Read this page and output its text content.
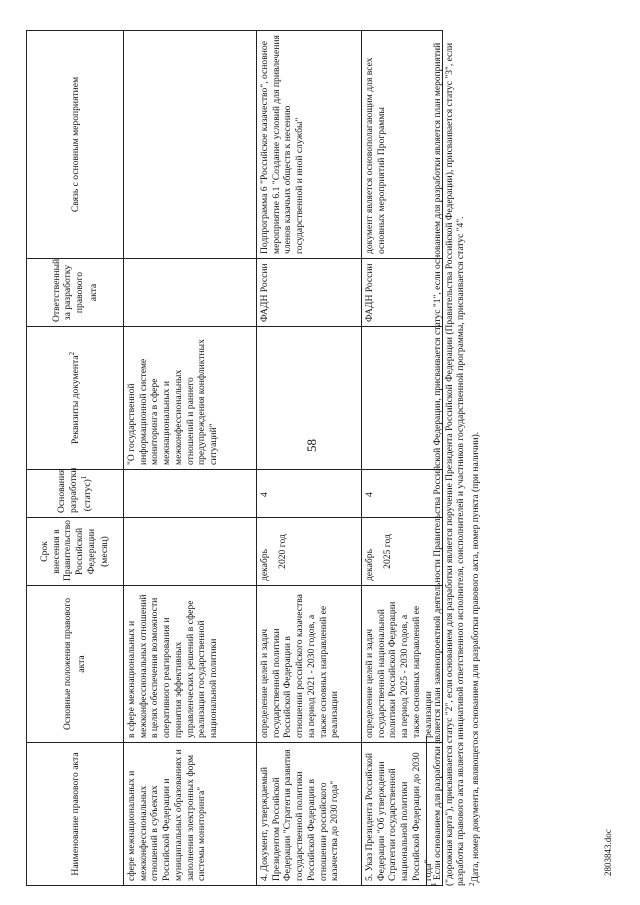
58
2803843.doc
Наименование правового акта	Основные положения правового акта	Срок внесения в Правительство Российской Федерации (месяц)	Основания разработки (статус)$^1$	Реквизиты документа$^2$	Ответственный за разработку правового акта	Связь с основным мероприятием

сфере межнациональных и межконфессиональных отношений в субъектах Российской Федерации и муниципальных образованиях и заполнения электронных форм системы мониторинга"	в сфере межнациональных и межконфессиональных отношений в целях обеспечения возможности оперативного реагирования и принятия эффективных управленческих решений в сфере реализации государственной национальной политики			"О государственной информационной системе мониторинга в сфере межнациональных и межконфессиональных отношений и раннего предупреждения конфликтных ситуаций"		

4. Документ, утверждаемый Президентом Российской Федерации "Стратегия развития государственной политики Российской Федерации в отношении российского казачества до 2030 года"	определение целей и задач государственной политики Российской Федерации в отношении российского казачества на период 2021 - 2030 годов, а также основных направлений ее реализации	декабрь 2020 год	4		ФАДН России	Подпрограмма 6 "Российское казачество", основное мероприятие 6.1 "Создание условий для привлечения членов казачьих обществ к несению государственной и иной службы"

5. Указ Президента Российской Федерации "Об утверждении Стратегии государственной национальной политики Российской Федерации до 2030 года"	определение целей и задач государственной национальной политики Российской Федерации на период 2025 - 2030 годов, а также основных направлений ее реализации	декабрь 2025 год	4		ФАДН России	документ является основополагающим для всех основных мероприятий Программы

$^1$ Если основанием для разработки является план законопроектной деятельности Правительства Российской Федерации, присваивается статус "1", если основанием для разработки является план мероприятий ("дорожная карта"), присваивается статус "2", если основанием для разработки является поручение Президента Российской Федерации (Правительства Российской Федерации), присваивается статус "3", если разработка правового акта является инициативой ответственного исполнителя, соисполнителей и участников государственной программы, присваивается статус "4". $^2$Дата, номер документа, являющегося основанием для разработки правового акта, номер пункта (при наличии).
